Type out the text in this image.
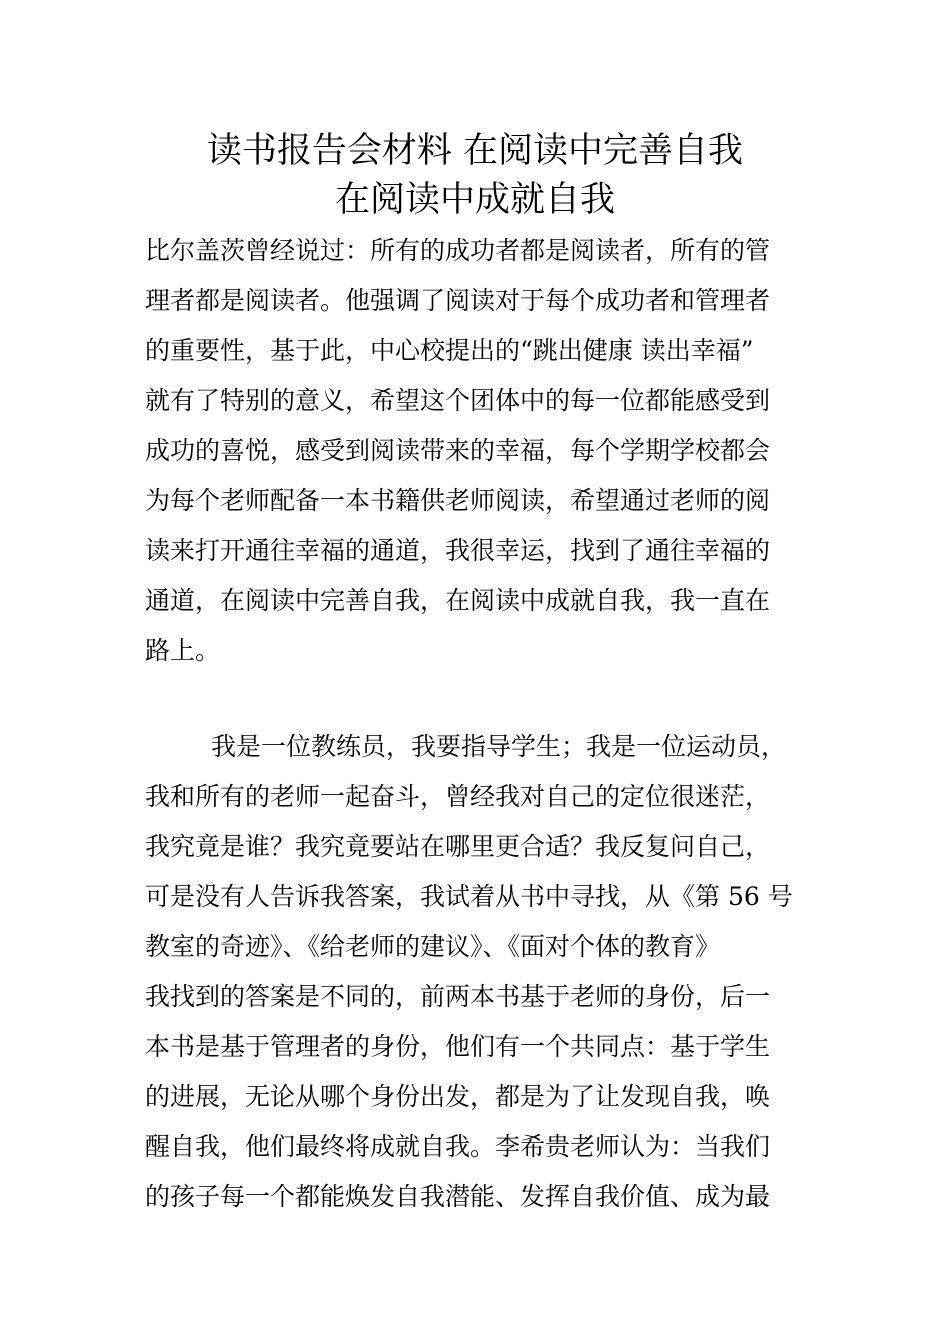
读书报告会材料 在阅读中完善自我
在阅读中成就自我
比尔盖茨曾经说过：所有的成功者都是阅读者，所有的管
理者都是阅读者。他强调了阅读对于每个成功者和管理者
的重要性，基于此，中心校提出的“跳出健康 读出幸福”
就有了特别的意义，希望这个团体中的每一位都能感受到
成功的喜悦，感受到阅读带来的幸福，每个学期学校都会
为每个老师配备一本书籍供老师阅读，希望通过老师的阅
读来打开通往幸福的通道，我很幸运，找到了通往幸福的
通道，在阅读中完善自我，在阅读中成就自我，我一直在
路上。
我是一位教练员，我要指导学生；我是一位运动员，
我和所有的老师一起奋斗，曾经我对自己的定位很迷茫，
我究竟是谁？我究竟要站在哪里更合适？我反复问自己，
可是没有人告诉我答案，我试着从书中寻找，从《第 56 号
教室的奇迹》、《给老师的建议》、《面对个体的教育》
我找到的答案是不同的，前两本书基于老师的身份，后一
本书是基于管理者的身份，他们有一个共同点：基于学生
的进展，无论从哪个身份出发，都是为了让发现自我，唤
醒自我，他们最终将成就自我。李希贵老师认为：当我们
的孩子每一个都能焕发自我潜能、发挥自我价值、成为最
